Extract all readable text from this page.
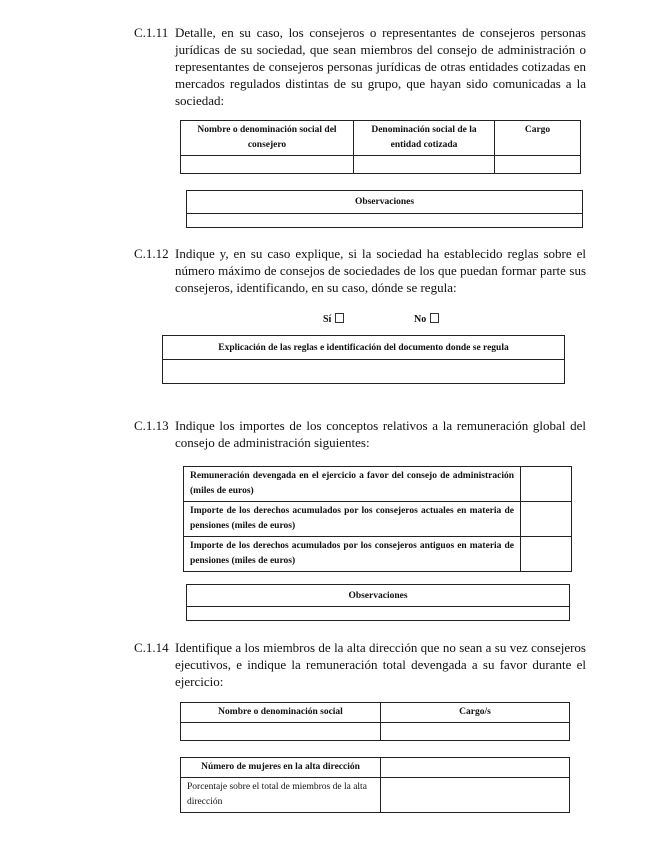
C.1.11 Detalle, en su caso, los consejeros o representantes de consejeros personas jurídicas de su sociedad, que sean miembros del consejo de administración o representantes de consejeros personas jurídicas de otras entidades cotizadas en mercados regulados distintas de su grupo, que hayan sido comunicadas a la sociedad:
Nombre o denominación social del consejero	Denominación social de la entidad cotizada	Cargo

Observaciones

C.1.12 Indique y, en su caso explique, si la sociedad ha establecido reglas sobre el número máximo de consejos de sociedades de los que puedan formar parte sus consejeros, identificando, en su caso, dónde se regula:
Sí	No
Explicación de las reglas e identificación del documento donde se regula

C.1.13 Indique los importes de los conceptos relativos a la remuneración global del consejo de administración siguientes:
Remuneración devengada en el ejercicio a favor del consejo de administración (miles de euros)	
Importe de los derechos acumulados por los consejeros actuales en materia de pensiones (miles de euros)	
Importe de los derechos acumulados por los consejeros antiguos en materia de pensiones (miles de euros)	
Observaciones

C.1.14 Identifique a los miembros de la alta dirección que no sean a su vez consejeros ejecutivos, e indique la remuneración total devengada a su favor durante el ejercicio:
Nombre o denominación social	Cargo/s

Número de mujeres en la alta dirección	
Porcentaje sobre el total de miembros de la alta dirección	
